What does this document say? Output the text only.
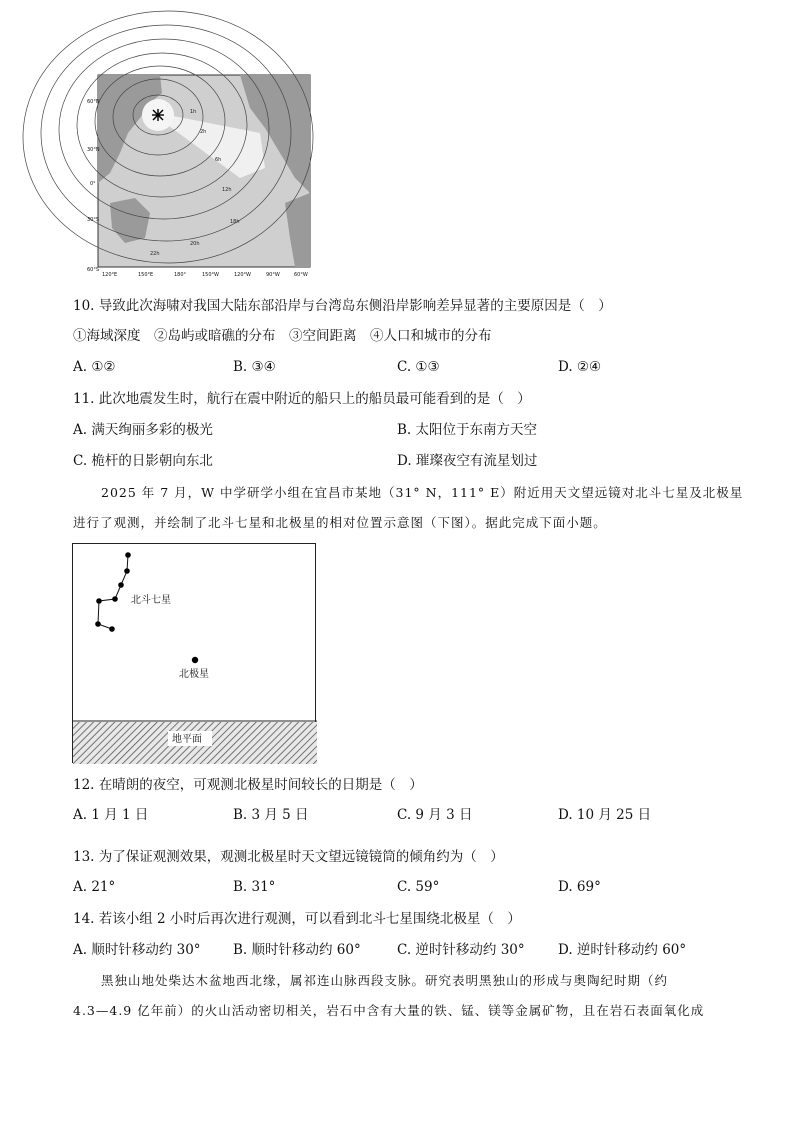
1h
2h
6h
12h
18h
20h
22h
60°N
30°N
0°
30°S
60°S
120°E	150°E	180°	150°W	120°W	90°W	60°W
10. 导致此次海啸对我国大陆东部沿岸与台湾岛东侧沿岸影响差异显著的主要原因是（　）
①海域深度　②岛屿或暗礁的分布　③空间距离　④人口和城市的分布
A. ①②	B. ③④	C. ①③	D. ②④
11. 此次地震发生时，航行在震中附近的船只上的船员最可能看到的是（　）
A. 满天绚丽多彩的极光	B. 太阳位于东南方天空
C. 桅杆的日影朝向东北	D. 璀璨夜空有流星划过
2025 年 7 月，W 中学研学小组在宜昌市某地（31° N，111° E）附近用天文望远镜对北斗七星及北极星
进行了观测，并绘制了北斗七星和北极星的相对位置示意图（下图）。据此完成下面小题。
北斗七星
北极星
地平面
12. 在晴朗的夜空，可观测北极星时间较长的日期是（　）
A. 1 月 1 日	B. 3 月 5 日	C. 9 月 3 日	D. 10 月 25 日
13. 为了保证观测效果，观测北极星时天文望远镜镜筒的倾角约为（　）
A. 21°	B. 31°	C. 59°	D. 69°
14. 若该小组 2 小时后再次进行观测，可以看到北斗七星围绕北极星（　）
A. 顺时针移动约 30° B. 顺时针移动约 60°	C. 逆时针移动约 30° D. 逆时针移动约 60°
黑独山地处柴达木盆地西北缘，属祁连山脉西段支脉。研究表明黑独山的形成与奥陶纪时期（约
4.3—4.9 亿年前）的火山活动密切相关，岩石中含有大量的铁、锰、镁等金属矿物，且在岩石表面氧化成
